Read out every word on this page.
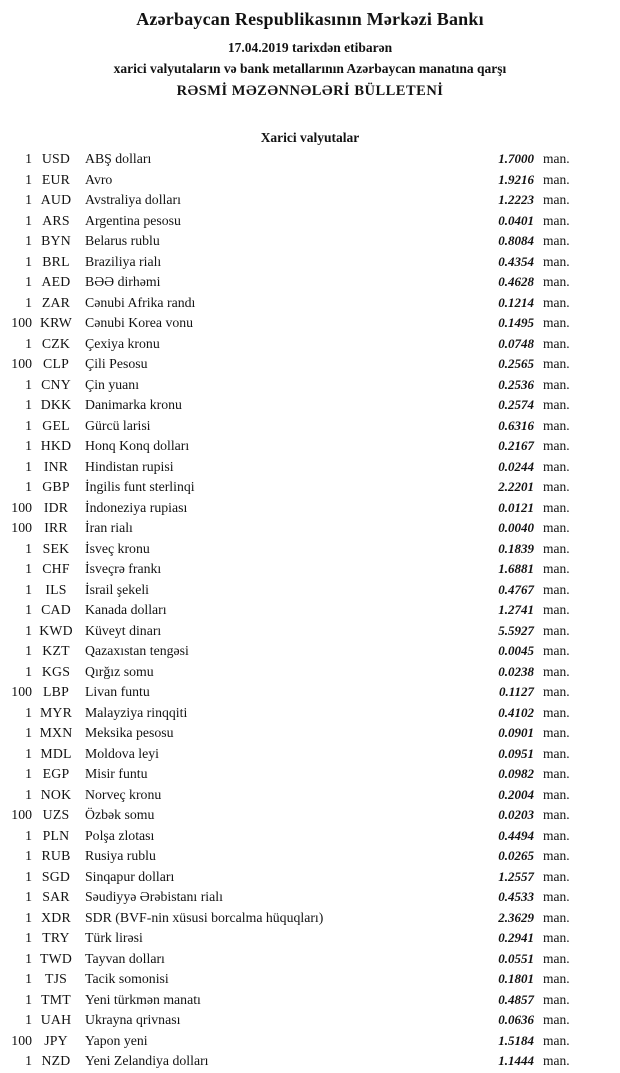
Azərbaycan Respublikasının Mərkəzi Bankı
17.04.2019 tarixdən etibarən
xarici valyutaların və bank metallarının Azərbaycan manatına qarşı
RƏSMİ MƏZƏNNƏLƏRİ BÜLLETENİ
Xarici valyutalar
1 USD	ABŞ dolları	1.7000 man.
1 EUR	Avro	1.9216 man.
1 AUD Avstraliya dolları	1.2223 man.
1 ARS	Argentina pesosu	0.0401 man.
1 BYN	Belarus rublu	0.8084 man.
1 BRL	Braziliya rialı	0.4354 man.
1 AED	BƏƏ dirhəmi	0.4628 man.
1 ZAR	Cənubi Afrika randı	0.1214 man.
100 KRW Cənubi Korea vonu	0.1495 man.
1 CZK	Çexiya kronu	0.0748 man.
100 CLP	Çili Pesosu	0.2565 man.
1 CNY	Çin yuanı	0.2536 man.
1 DKK Danimarka kronu	0.2574 man.
1 GEL	Gürcü larisi	0.6316 man.
1 HKD Honq Konq dolları	0.2167 man.
1 INR	Hindistan rupisi	0.0244 man.
1 GBP	İngilis funt sterlinqi	2.2201 man.
100 IDR	İndoneziya rupiası	0.0121 man.
100 IRR	İran rialı	0.0040 man.
1 SEK	İsveç kronu	0.1839 man.
1 CHF	İsveçrə frankı	1.6881 man.
1 ILS	İsrail şekeli	0.4767 man.
1 CAD	Kanada dolları	1.2741 man.
1 KWD Küveyt dinarı	5.5927 man.
1 KZT	Qazaxıstan tengəsi	0.0045 man.
1 KGS	Qırğız somu	0.0238 man.
100 LBP	Livan funtu	0.1127 man.
1 MYR Malayziya rinqqiti	0.4102 man.
1 MXN Meksika pesosu	0.0901 man.
1 MDL Moldova leyi	0.0951 man.
1 EGP	Misir funtu	0.0982 man.
1 NOK Norveç kronu	0.2004 man.
100 UZS	Özbək somu	0.0203 man.
1 PLN	Polşa zlotası	0.4494 man.
1 RUB	Rusiya rublu	0.0265 man.
1 SGD	Sinqapur dolları	1.2557 man.
1 SAR	Səudiyyə Ərəbistanı rialı	0.4533 man.
1 XDR	SDR (BVF-nin xüsusi borcalma hüquqları)	2.3629 man.
1 TRY	Türk lirəsi	0.2941 man.
1 TWD Tayvan dolları	0.0551 man.
1 TJS	Tacik somonisi	0.1801 man.
1 TMT	Yeni türkmən manatı	0.4857 man.
1 UAH Ukrayna qrivnası	0.0636 man.
100 JPY	Yapon yeni	1.5184 man.
1 NZD	Yeni Zelandiya dolları	1.1444 man.
